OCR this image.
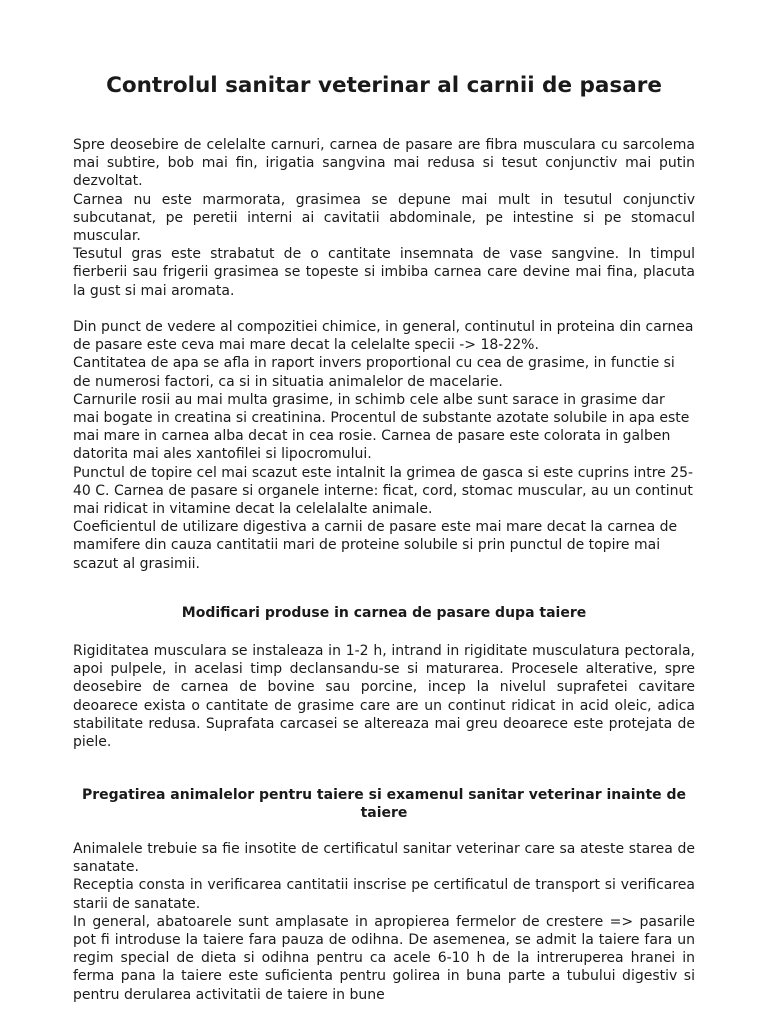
Controlul sanitar veterinar al carnii de pasare

Spre deosebire de celelalte carnuri, carnea de pasare are fibra musculara cu sarcolema mai subtire, bob mai fin, irigatia sangvina mai redusa si tesut conjunctiv mai putin dezvoltat.

Carnea nu este marmorata, grasimea se depune mai mult in tesutul conjunctiv subcutanat, pe peretii interni ai cavitatii abdominale, pe intestine si pe stomacul muscular.

Tesutul gras este strabatut de o cantitate insemnata de vase sangvine. In timpul fierberii sau frigerii grasimea se topeste si imbiba carnea care devine mai fina, placuta la gust si mai aromata.

Din punct de vedere al compozitiei chimice, in general, continutul in proteina din carnea de pasare este ceva mai mare decat la celelalte specii -> 18-22%.

Cantitatea de apa se afla in raport invers proportional cu cea de grasime, in functie si de numerosi factori, ca si in situatia animalelor de macelarie.

Carnurile rosii au mai multa grasime, in schimb cele albe sunt sarace in grasime dar mai bogate in creatina si creatinina. Procentul de substante azotate solubile in apa este mai mare in carnea alba decat in cea rosie. Carnea de pasare este colorata in galben datorita mai ales xantofilei si lipocromului.

Punctul de topire cel mai scazut este intalnit la grimea de gasca si este cuprins intre 25-40 C. Carnea de pasare si organele interne: ficat, cord, stomac muscular, au un continut mai ridicat in vitamine decat la celelalalte animale.

Coeficientul de utilizare digestiva a carnii de pasare este mai mare decat la carnea de mamifere din cauza cantitatii mari de proteine solubile si prin punctul de topire mai scazut al grasimii.

Modificari produse in carnea de pasare dupa taiere

Rigiditatea musculara se instaleaza in 1-2 h, intrand in rigiditate musculatura pectorala, apoi pulpele, in acelasi timp declansandu-se si maturarea. Procesele alterative, spre deosebire de carnea de bovine sau porcine, incep la nivelul suprafetei cavitare deoarece exista o cantitate de grasime care are un continut ridicat in acid oleic, adica stabilitate redusa. Suprafata carcasei se altereaza mai greu deoarece este protejata de piele.

Pregatirea animalelor pentru taiere si examenul sanitar veterinar inainte de taiere

Animalele trebuie sa fie insotite de certificatul sanitar veterinar care sa ateste starea de sanatate.

Receptia consta in verificarea cantitatii inscrise pe certificatul de transport si verificarea starii de sanatate.

In general, abatoarele sunt amplasate in apropierea fermelor de crestere => pasarile pot fi introduse la taiere fara pauza de odihna. De asemenea, se admit la taiere fara un regim special de dieta si odihna pentru ca acele 6-10 h de la intreruperea hranei in ferma pana la taiere este suficienta pentru golirea in buna parte a tubului digestiv si pentru derularea activitatii de taiere in bune
